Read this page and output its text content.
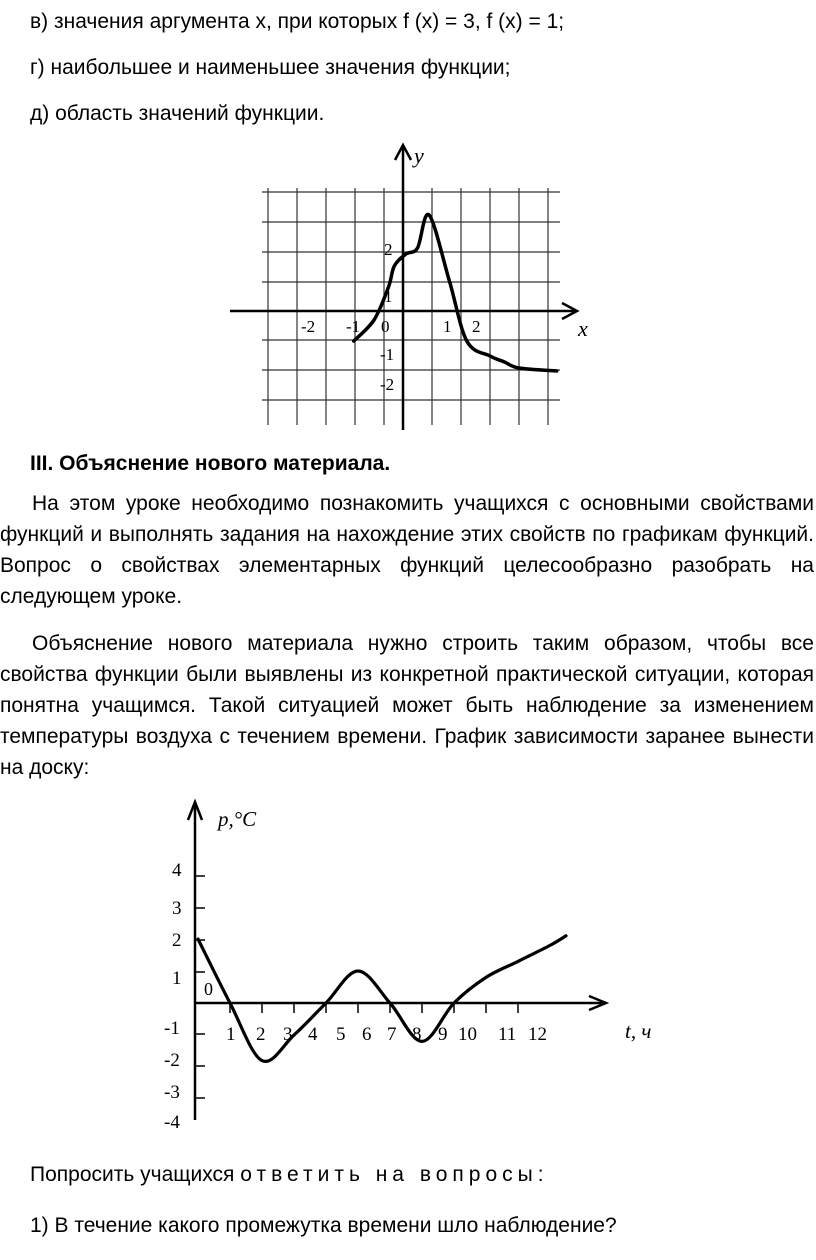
в) значения аргумента x, при которых f (x) = 3, f (x) = 1;
г) наибольшее и наименьшее значения функции;
д) область значений функции.
y
x
-2 -1 0	1 2
2
1
-1
-2
III. Объяснение нового материала.
На этом уроке необходимо познакомить учащихся с основными свойствами функций и выполнять задания на нахождение этих свойств по графикам функций. Вопрос о свойствах элементарных функций целесообразно разобрать на следующем уроке.
Объяснение нового материала нужно строить таким образом, чтобы все свойства функции были выявлены из конкретной практической ситуации, которая понятна учащимся. Такой ситуацией может быть наблюдение за изменением температуры воздуха с течением времени. График зависимости заранее вынести на доску:
p,°C
t, ч
0
4
3
2
1
-1
-2
-3
-4
1 2 3 4 5 6 7 8 9 10 11 12
Попросить учащихся ответить на вопросы:
1) В течение какого промежутка времени шло наблюдение?
